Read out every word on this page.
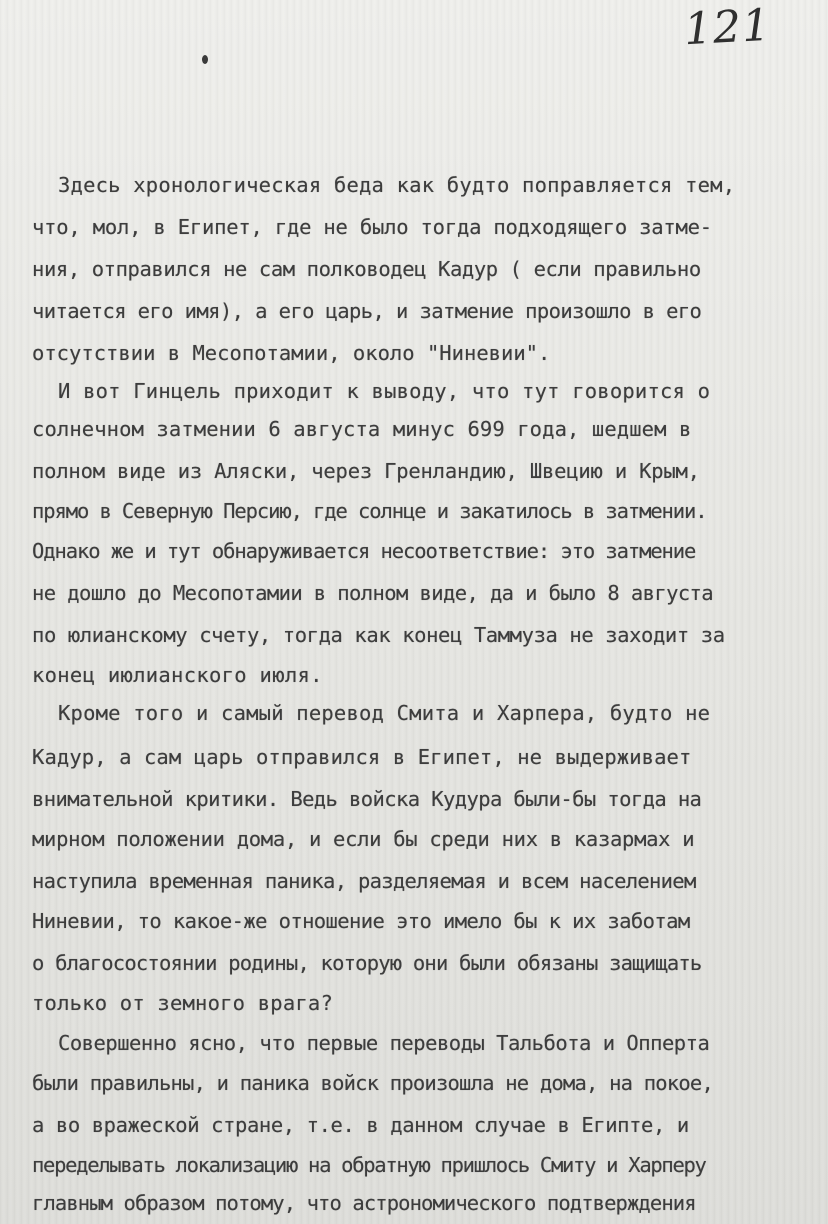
121
Здесь хронологическая беда как будто поправляется тем,
что, мол, в Египет, где не было тогда подходящего затме-
ния, отправился не сам полководец Кадур ( если правильно
читается его имя), а его царь, и затмение произошло в его
отсутствии в Месопотамии, около "Ниневии".
И вот Гинцель приходит к выводу, что тут говорится о
солнечном затмении 6 августа минус 699 года, шедшем в
полном виде из Аляски, через Гренландию, Швецию и Крым,
прямо в Северную Персию, где солнце и закатилось в затмении.
Однако же и тут обнаруживается несоответствие: это затмение
не дошло до Месопотамии в полном виде, да и было 8 августа
по юлианскому счету, тогда как конец Таммуза не заходит за
конец июлианского июля.
Кроме того и самый перевод Смита и Харпера, будто не
Кадур, а сам царь отправился в Египет, не выдерживает
внимательной критики. Ведь войска Кудура были-бы тогда на
мирном положении дома, и если бы среди них в казармах и
наступила временная паника, разделяемая и всем населением
Ниневии, то какое-же отношение это имело бы к их заботам
о благосостоянии родины, которую они были обязаны защищать
только от земного врага?
Совершенно ясно, что первые переводы Тальбота и Опперта
были правильны, и паника войск произошла не дома, на покое,
а во вражеской стране, т.е. в данном случае в Египте, и
переделывать локализацию на обратную пришлось Смиту и Харперу
главным образом потому, что астрономического подтверждения
